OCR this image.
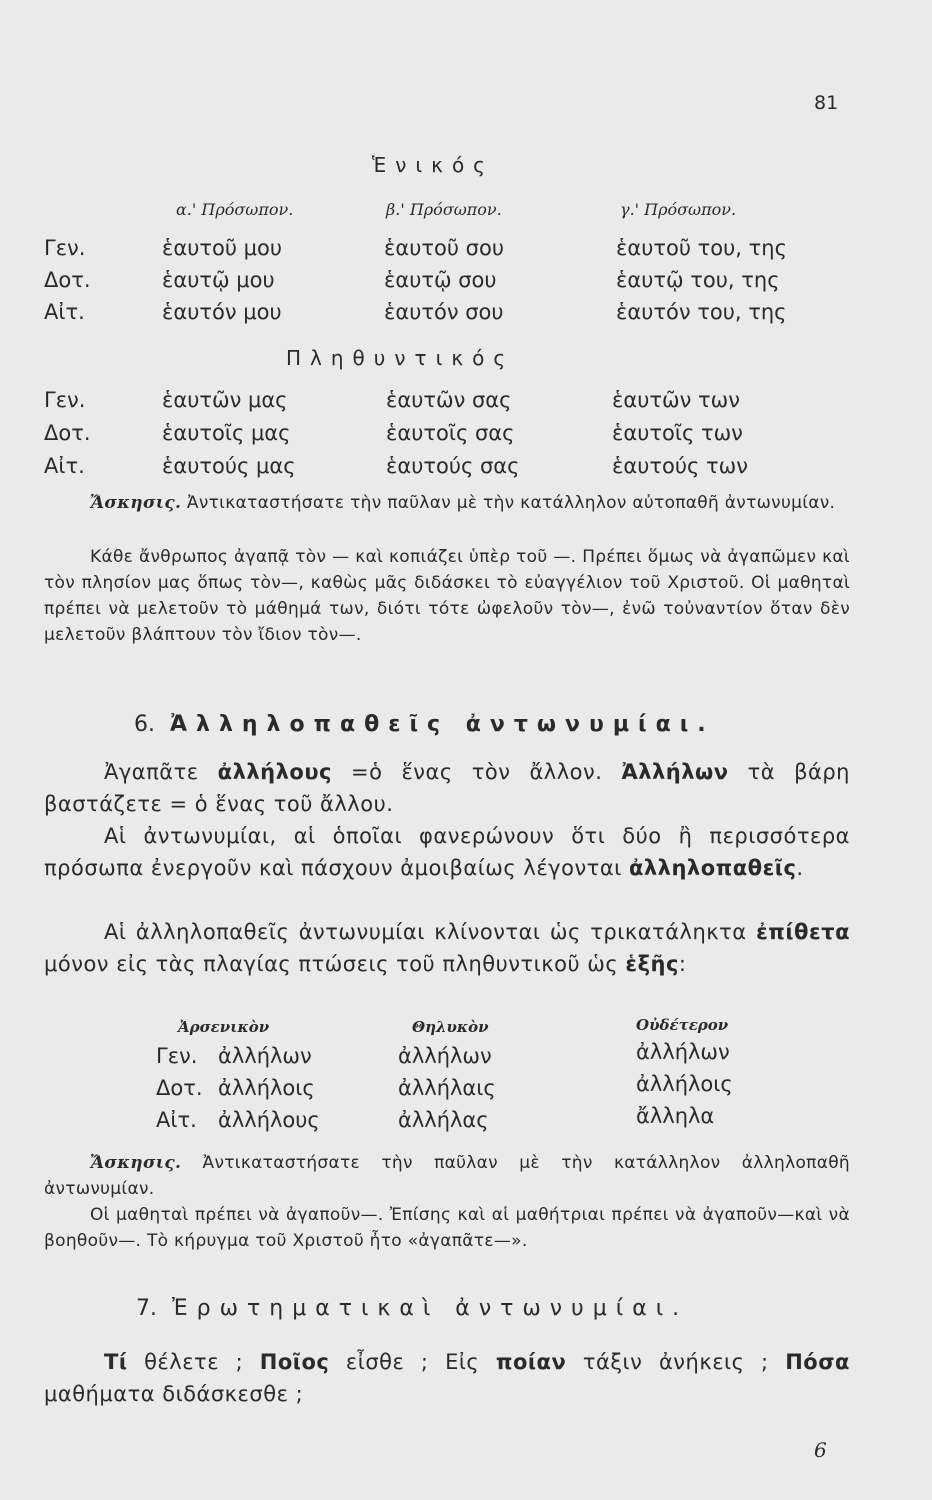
81
Ἑνικός
α.' Πρόσωπον.	β.' Πρόσωπον.	γ.' Πρόσωπον.
Γεν.	ἑαυτοῦ μου	ἑαυτοῦ σου	ἑαυτοῦ του, της
Δοτ.	ἑαυτῷ μου	ἑαυτῷ σου	ἑαυτῷ του, της
Αἰτ.	ἑαυτόν μου	ἑαυτόν σου	ἑαυτόν του, της
Πληθυντικός
Γεν.	ἑαυτῶν μας	ἑαυτῶν σας	ἑαυτῶν των
Δοτ.	ἑαυτοῖς μας	ἑαυτοῖς σας	ἑαυτοῖς των
Αἰτ.	ἑαυτούς μας	ἑαυτούς σας	ἑαυτούς των
Ἄσκησις. Ἀντικαταστήσατε τὴν παῦλαν μὲ τὴν κατάλληλον αὐτοπαθῆ ἀντωνυμίαν.
Κάθε ἄνθρωπος ἀγαπᾷ τὸν — καὶ κοπιάζει ὑπὲρ τοῦ —. Πρέπει ὅμως νὰ ἀγαπῶμεν καὶ τὸν πλησίον μας ὅπως τὸν—, καθὼς μᾶς διδάσκει τὸ εὐαγγέλιον τοῦ Χριστοῦ. Οἱ μαθηταὶ πρέπει νὰ μελετοῦν τὸ μάθημά των, διότι τότε ὠφελοῦν τὸν—, ἐνῶ τοὐναντίον ὅταν δὲν μελετοῦν βλάπτουν τὸν ἴδιον τὸν—.
6. Ἀλληλοπαθεῖς ἀντωνυμίαι.
Ἀγαπᾶτε ἀλλήλους =ὁ ἕνας τὸν ἄλλον. Ἀλλήλων τὰ βάρη βαστάζετε = ὁ ἕνας τοῦ ἄλλου.
Αἱ ἀντωνυμίαι, αἱ ὁποῖαι φανερώνουν ὅτι δύο ἢ περισσότερα πρόσωπα ἐνεργοῦν καὶ πάσχουν ἀμοιβαίως λέγονται ἀλληλοπαθεῖς.
Αἱ ἀλληλοπαθεῖς ἀντωνυμίαι κλίνονται ὡς τρικατάληκτα ἐπίθετα μόνον εἰς τὰς πλαγίας πτώσεις τοῦ πληθυντικοῦ ὡς ἑξῆς:
Ἀρσενικὸν	Θηλυκὸν	Οὐδέτερον
Γεν. ἀλλήλων	ἀλλήλων	ἀλλήλων
Δοτ. ἀλλήλοις	ἀλλήλαις	ἀλλήλοις
Αἰτ. ἀλλήλους	ἀλλήλας	ἄλληλα
Ἄσκησις. Ἀντικαταστήσατε τὴν παῦλαν μὲ τὴν κατάλληλον ἀλληλοπαθῆ ἀντωνυμίαν.
Οἱ μαθηταὶ πρέπει νὰ ἀγαποῦν—. Ἐπίσης καὶ αἱ μαθήτριαι πρέπει νὰ ἀγαποῦν—καὶ νὰ βοηθοῦν—. Τὸ κήρυγμα τοῦ Χριστοῦ ἦτο «ἀγαπᾶτε—».
7. Ἐρωτηματικαὶ ἀντωνυμίαι.
Τί θέλετε ; Ποῖος εἶσθε ; Εἰς ποίαν τάξιν ἀνήκεις ; Πόσα μαθήματα διδάσκεσθε ;
6
